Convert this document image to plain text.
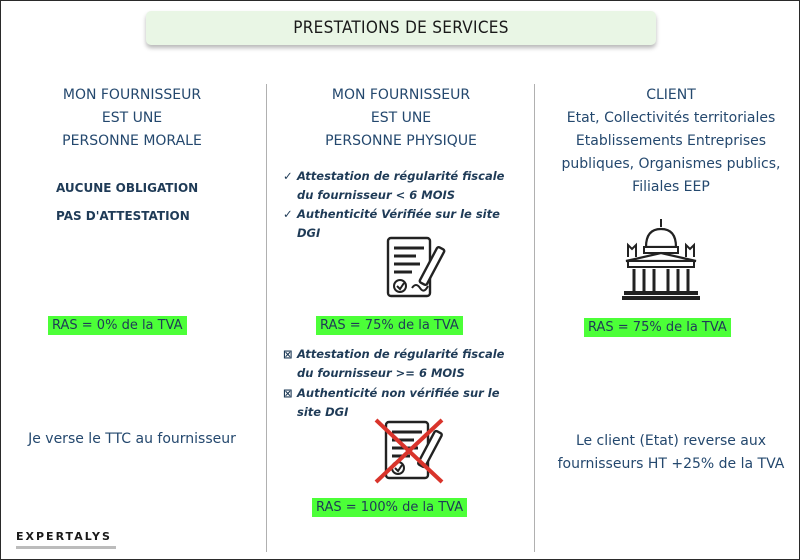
PRESTATIONS DE SERVICES
MON FOURNISSEUR
EST UNE
PERSONNE MORALE
AUCUNE OBLIGATION
PAS D'ATTESTATION
RAS = 0% de la TVA
Je verse le TTC au fournisseur
MON FOURNISSEUR
EST UNE
PERSONNE PHYSIQUE
✓ Attestation de régularité fiscale
du fournisseur < 6 MOIS
✓ Authenticité Vérifiée sur le site
DGI
RAS = 75% de la TVA
⊠ Attestation de régularité fiscale
du fournisseur >= 6 MOIS
⊠ Authenticité non vérifiée sur le
site DGI
RAS = 100% de la TVA
CLIENT
Etat, Collectivités territoriales
Etablissements Entreprises
publiques, Organismes publics,
Filiales EEP
RAS = 75% de la TVA
Le client (Etat) reverse aux
fournisseurs HT +25% de la TVA
EXPERTALYS
